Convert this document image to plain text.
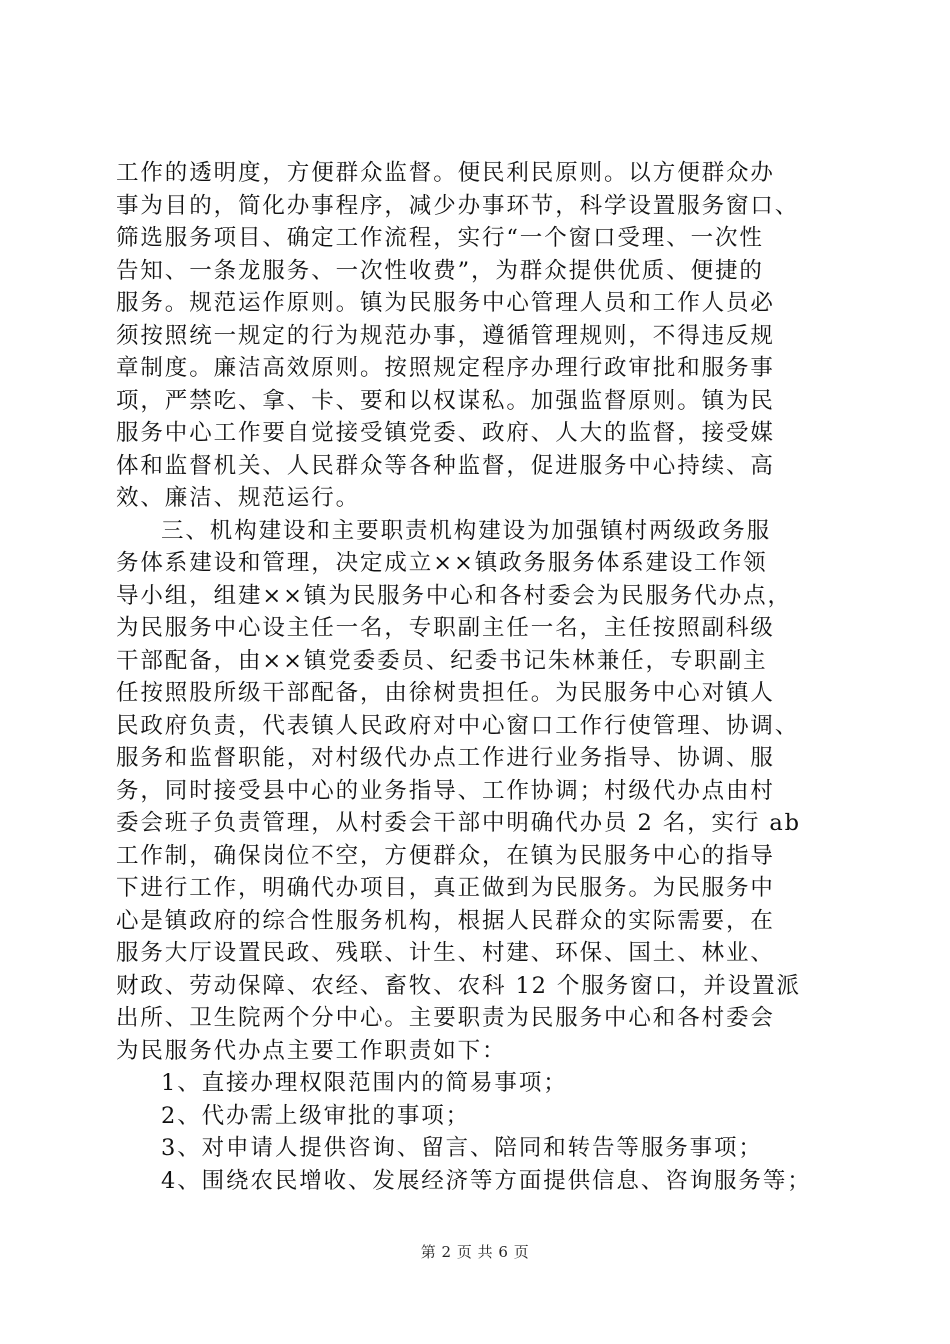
工作的透明度，方便群众监督。便民利民原则。以方便群众办
事为目的，简化办事程序，减少办事环节，科学设置服务窗口、
筛选服务项目、确定工作流程，实行“一个窗口受理、一次性
告知、一条龙服务、一次性收费”，为群众提供优质、便捷的
服务。规范运作原则。镇为民服务中心管理人员和工作人员必
须按照统一规定的行为规范办事，遵循管理规则，不得违反规
章制度。廉洁高效原则。按照规定程序办理行政审批和服务事
项，严禁吃、拿、卡、要和以权谋私。加强监督原则。镇为民
服务中心工作要自觉接受镇党委、政府、人大的监督，接受媒
体和监督机关、人民群众等各种监督，促进服务中心持续、高
效、廉洁、规范运行。
三、机构建设和主要职责机构建设为加强镇村两级政务服
务体系建设和管理，决定成立××镇政务服务体系建设工作领
导小组，组建××镇为民服务中心和各村委会为民服务代办点，
为民服务中心设主任一名，专职副主任一名，主任按照副科级
干部配备，由××镇党委委员、纪委书记朱林兼任，专职副主
任按照股所级干部配备，由徐树贵担任。为民服务中心对镇人
民政府负责，代表镇人民政府对中心窗口工作行使管理、协调、
服务和监督职能，对村级代办点工作进行业务指导、协调、服
务，同时接受县中心的业务指导、工作协调；村级代办点由村
委会班子负责管理，从村委会干部中明确代办员 2 名，实行 ab
工作制，确保岗位不空，方便群众，在镇为民服务中心的指导
下进行工作，明确代办项目，真正做到为民服务。为民服务中
心是镇政府的综合性服务机构，根据人民群众的实际需要，在
服务大厅设置民政、残联、计生、村建、环保、国土、林业、
财政、劳动保障、农经、畜牧、农科 12 个服务窗口，并设置派
出所、卫生院两个分中心。主要职责为民服务中心和各村委会
为民服务代办点主要工作职责如下：
1、直接办理权限范围内的简易事项；
2、代办需上级审批的事项；
3、对申请人提供咨询、留言、陪同和转告等服务事项；
4、围绕农民增收、发展经济等方面提供信息、咨询服务等；
第 2 页 共 6 页
